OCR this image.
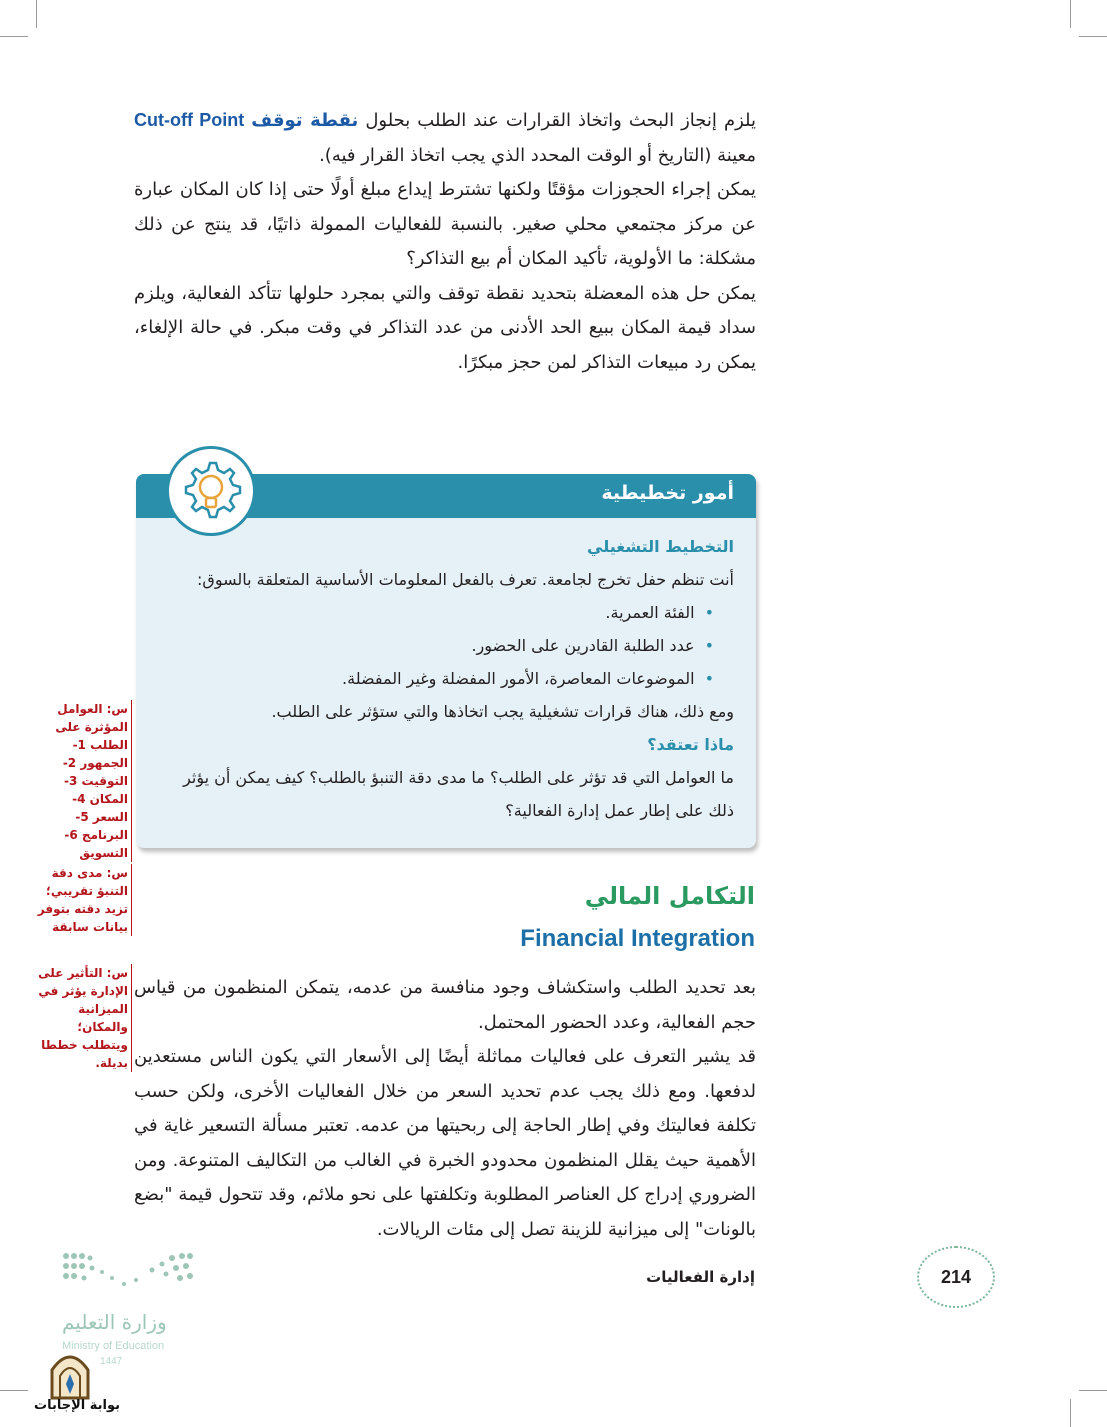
يلزم إنجاز البحث واتخاذ القرارات عند الطلب بحلول نقطة توقف Cut-off Point معينة (التاريخ أو الوقت المحدد الذي يجب اتخاذ القرار فيه).

يمكن إجراء الحجوزات مؤقتًا ولكنها تشترط إيداع مبلغ أولًا حتى إذا كان المكان عبارة عن مركز مجتمعي محلي صغير. بالنسبة للفعاليات الممولة ذاتيًا، قد ينتج عن ذلك مشكلة: ما الأولوية، تأكيد المكان أم بيع التذاكر؟

يمكن حل هذه المعضلة بتحديد نقطة توقف والتي بمجرد حلولها تتأكد الفعالية، ويلزم سداد قيمة المكان ببيع الحد الأدنى من عدد التذاكر في وقت مبكر. في حالة الإلغاء، يمكن رد مبيعات التذاكر لمن حجز مبكرًا.

أمور تخطيطية
التخطيط التشغيلي
أنت تنظم حفل تخرج لجامعة. تعرف بالفعل المعلومات الأساسية المتعلقة بالسوق:
• الفئة العمرية.
• عدد الطلبة القادرين على الحضور.
• الموضوعات المعاصرة، الأمور المفضلة وغير المفضلة.
ومع ذلك، هناك قرارات تشغيلية يجب اتخاذها والتي ستؤثر على الطلب.
ماذا تعتقد؟
ما العوامل التي قد تؤثر على الطلب؟ ما مدى دقة التنبؤ بالطلب؟ كيف يمكن أن يؤثر ذلك على إطار عمل إدارة الفعالية؟
التكامل المالي
Financial Integration

بعد تحديد الطلب واستكشاف وجود منافسة من عدمه، يتمكن المنظمون من قياس حجم الفعالية، وعدد الحضور المحتمل.

قد يشير التعرف على فعاليات مماثلة أيضًا إلى الأسعار التي يكون الناس مستعدين لدفعها. ومع ذلك يجب عدم تحديد السعر من خلال الفعاليات الأخرى، ولكن حسب تكلفة فعاليتك وفي إطار الحاجة إلى ربحيتها من عدمه. تعتبر مسألة التسعير غاية في الأهمية حيث يقلل المنظمون محدودو الخبرة في الغالب من التكاليف المتنوعة. ومن الضروري إدراج كل العناصر المطلوبة وتكلفتها على نحو ملائم، وقد تتحول قيمة "بضع بالونات" إلى ميزانية للزينة تصل إلى مئات الريالات.

س: العوامل المؤثرة على الطلب 1-الجمهور 2-التوقيت 3-المكان 4-السعر 5-البرنامج 6-التسويق
س: مدى دقة التنبؤ تقريبي؛ تزيد دقته بتوفر بيانات سابقة
س: التأثير على الإدارة يؤثر في الميزانية والمكان؛ ويتطلب خططا بديلة.
إدارة الفعاليات	214
وزارة التعليم
Ministry of Education
1447
بوابة الإجابات
